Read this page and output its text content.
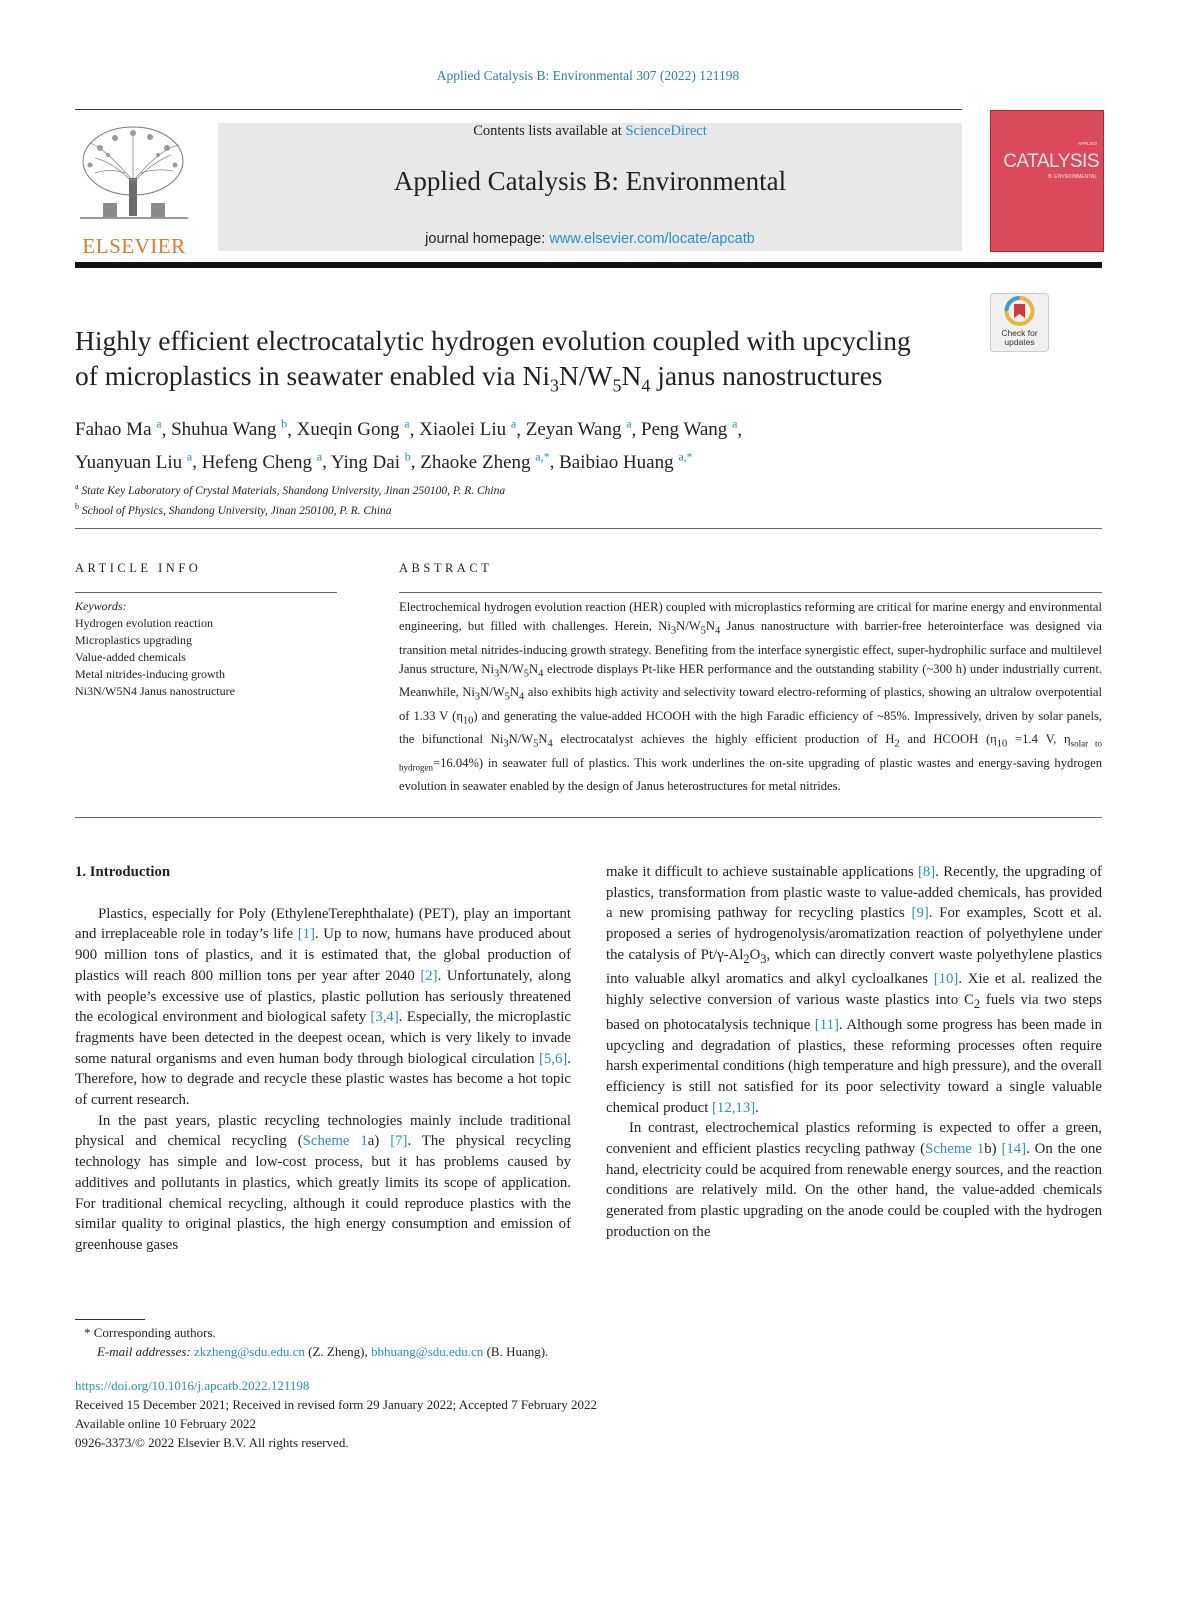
Applied Catalysis B: Environmental 307 (2022) 121198
ELSEVIER
Contents lists available at ScienceDirect
Applied Catalysis B: Environmental
journal homepage: www.elsevier.com/locate/apcatb
APPLIED
CATALYSIS
B: ENVIRONMENTAL
Highly efficient electrocatalytic hydrogen evolution coupled with upcycling
of microplastics in seawater enabled via $Ni_3N/W_5N_4$ janus nanostructures
Check for updates
Fahao Ma $^a$, Shuhua Wang $^b$, Xueqin Gong $^a$, Xiaolei Liu $^a$, Zeyan Wang $^a$, Peng Wang $^a$,
Yuanyuan Liu $^a$, Hefeng Cheng $^a$, Ying Dai $^b$, Zhaoke Zheng $^{a,*}$, Baibiao Huang $^{a,*}$
$^a$ State Key Laboratory of Crystal Materials, Shandong University, Jinan 250100, P. R. China
$^b$ School of Physics, Shandong University, Jinan 250100, P. R. China
ARTICLE INFO	ABSTRACT
Keywords:
Hydrogen evolution reaction
Microplastics upgrading
Value-added chemicals
Metal nitrides-inducing growth
Ni3N/W5N4 Janus nanostructure
Electrochemical hydrogen evolution reaction (HER) coupled with microplastics reforming are critical for marine energy and environmental engineering, but filled with challenges. Herein, $Ni_3N/W_5N_4$ Janus nanostructure with barrier-free heterointerface was designed via transition metal nitrides-inducing growth strategy. Benefiting from the interface synergistic effect, super-hydrophilic surface and multilevel Janus structure, $Ni_3N/W_5N_4$ electrode displays Pt-like HER performance and the outstanding stability (~300 h) under industrially current. Meanwhile, $Ni_3N/W_5N_4$ also exhibits high activity and selectivity toward electro-reforming of plastics, showing an ultralow overpotential of 1.33 V $(\eta_{10})$ and generating the value-added HCOOH with the high Faradic efficiency of ~85%. Impressively, driven by solar panels, the bifunctional $Ni_3N/W_5N_4$ electrocatalyst achieves the highly efficient production of $H_2$ and HCOOH ($\eta_{10} =1.4$ V, $\eta_{solar to hydrogen}=16.04\%$) in seawater full of plastics. This work underlines the on-site upgrading of plastic wastes and energy-saving hydrogen evolution in seawater enabled by the design of Janus heterostructures for metal nitrides.

1. Introduction

Plastics, especially for Poly (EthyleneTerephthalate) (PET), play an important and irreplaceable role in today’s life [1]. Up to now, humans have produced about 900 million tons of plastics, and it is estimated that, the global production of plastics will reach 800 million tons per year after 2040 [2]. Unfortunately, along with people’s excessive use of plastics, plastic pollution has seriously threatened the ecological environment and biological safety [3,4]. Especially, the microplastic fragments have been detected in the deepest ocean, which is very likely to invade some natural organisms and even human body through biological circulation [5,6]. Therefore, how to degrade and recycle these plastic wastes has become a hot topic of current research.

In the past years, plastic recycling technologies mainly include traditional physical and chemical recycling (Scheme 1a) [7]. The physical recycling technology has simple and low-cost process, but it has problems caused by additives and pollutants in plastics, which greatly limits its scope of application. For traditional chemical recycling, although it could reproduce plastics with the similar quality to original plastics, the high energy consumption and emission of greenhouse gases

make it difficult to achieve sustainable applications [8]. Recently, the upgrading of plastics, transformation from plastic waste to value-added chemicals, has provided a new promising pathway for recycling plastics [9]. For examples, Scott et al. proposed a series of hydrogenolysis/aromatization reaction of polyethylene under the catalysis of $Pt/\gamma-Al_2O_3$, which can directly convert waste polyethylene plastics into valuable alkyl aromatics and alkyl cycloalkanes [10]. Xie et al. realized the highly selective conversion of various waste plastics into $C_2$ fuels via two steps based on photocatalysis technique [11]. Although some progress has been made in upcycling and degradation of plastics, these reforming processes often require harsh experimental conditions (high temperature and high pressure), and the overall efficiency is still not satisfied for its poor selectivity toward a single valuable chemical product [12,13].

In contrast, electrochemical plastics reforming is expected to offer a green, convenient and efficient plastics recycling pathway (Scheme 1b) [14]. On the one hand, electricity could be acquired from renewable energy sources, and the reaction conditions are relatively mild. On the other hand, the value-added chemicals generated from plastic upgrading on the anode could be coupled with the hydrogen production on the

* Corresponding authors.
E-mail addresses: zkzheng@sdu.edu.cn (Z. Zheng), bbhuang@sdu.edu.cn (B. Huang).
https://doi.org/10.1016/j.apcatb.2022.121198
Received 15 December 2021; Received in revised form 29 January 2022; Accepted 7 February 2022
Available online 10 February 2022
0926-3373/© 2022 Elsevier B.V. All rights reserved.
